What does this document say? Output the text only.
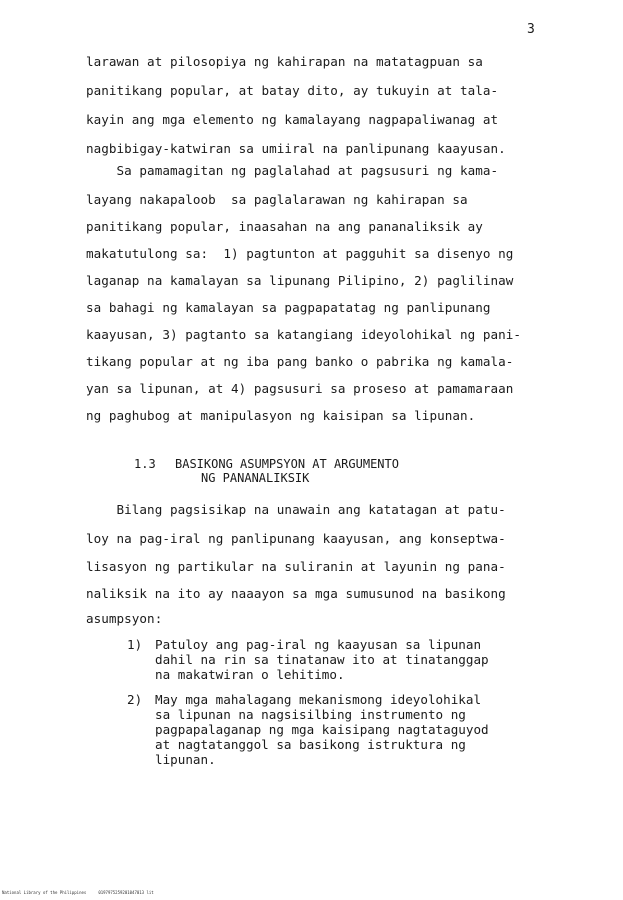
3
larawan at pilosopiya ng kahirapan na matatagpuan sa
panitikang popular, at batay dito, ay tukuyin at tala-
kayin ang mga elemento ng kamalayang nagpapaliwanag at
nagbibigay-katwiran sa umiiral na panlipunang kaayusan.
Sa pamamagitan ng paglalahad at pagsusuri ng kama-
layang nakapaloob  sa paglalarawan ng kahirapan sa
panitikang popular, inaasahan na ang pananaliksik ay
makatutulong sa:  1) pagtunton at pagguhit sa disenyo ng
laganap na kamalayan sa lipunang Pilipino, 2) paglilinaw
sa bahagi ng kamalayan sa pagpapatatag ng panlipunang
kaayusan, 3) pagtanto sa katangiang ideyolohikal ng pani-
tikang popular at ng iba pang banko o pabrika ng kamala-
yan sa lipunan, at 4) pagsusuri sa proseso at pamamaraan
ng paghubog at manipulasyon ng kaisipan sa lipunan.
1.3 BASIKONG ASUMPSYON AT ARGUMENTO
NG PANANALIKSIK
Bilang pagsisikap na unawain ang katatagan at patu-
loy na pag-iral ng panlipunang kaayusan, ang konseptwa-
lisasyon ng partikular na suliranin at layunin ng pana-
naliksik na ito ay naaayon sa mga sumusunod na basikong
asumpsyon:
1) Patuloy ang pag-iral ng kaayusan sa lipunan
dahil na rin sa tinatanaw ito at tinatanggap
na makatwiran o lehitimo.
2) May mga mahalagang mekanismong ideyolohikal
sa lipunan na nagsisilbing instrumento ng
pagpapalaganap ng mga kaisipang nagtataguyod
at nagtatanggol sa basikong istruktura ng
lipunan.
National Library of the Philippines     0197975259201047013 lit
